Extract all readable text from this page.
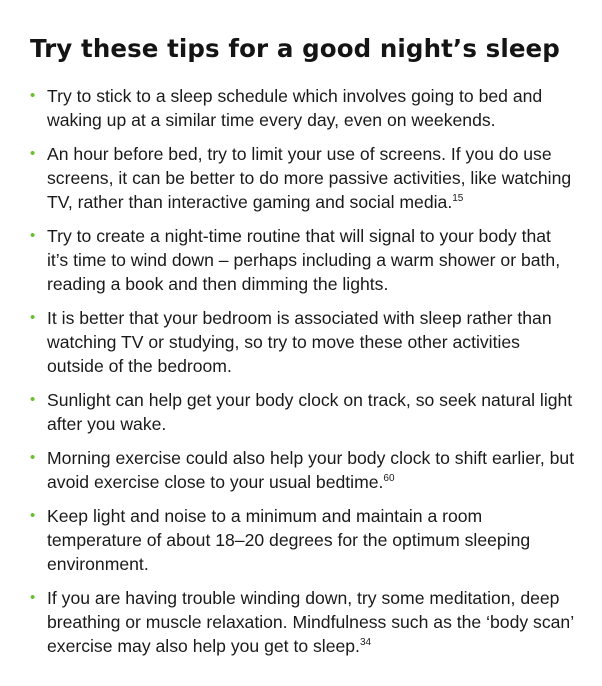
Try these tips for a good night’s sleep
• Try to stick to a sleep schedule which involves going to bed and waking up at a similar time every day, even on weekends.
• An hour before bed, try to limit your use of screens. If you do use screens, it can be better to do more passive activities, like watching TV, rather than interactive gaming and social media.$^{15}$
• Try to create a night-time routine that will signal to your body that it’s time to wind down – perhaps including a warm shower or bath, reading a book and then dimming the lights.
• It is better that your bedroom is associated with sleep rather than watching TV or studying, so try to move these other activities outside of the bedroom.
• Sunlight can help get your body clock on track, so seek natural light after you wake.
• Morning exercise could also help your body clock to shift earlier, but avoid exercise close to your usual bedtime.$^{60}$
• Keep light and noise to a minimum and maintain a room temperature of about 18–20 degrees for the optimum sleeping environment.
• If you are having trouble winding down, try some meditation, deep breathing or muscle relaxation. Mindfulness such as the ‘body scan’ exercise may also help you get to sleep.$^{34}$
